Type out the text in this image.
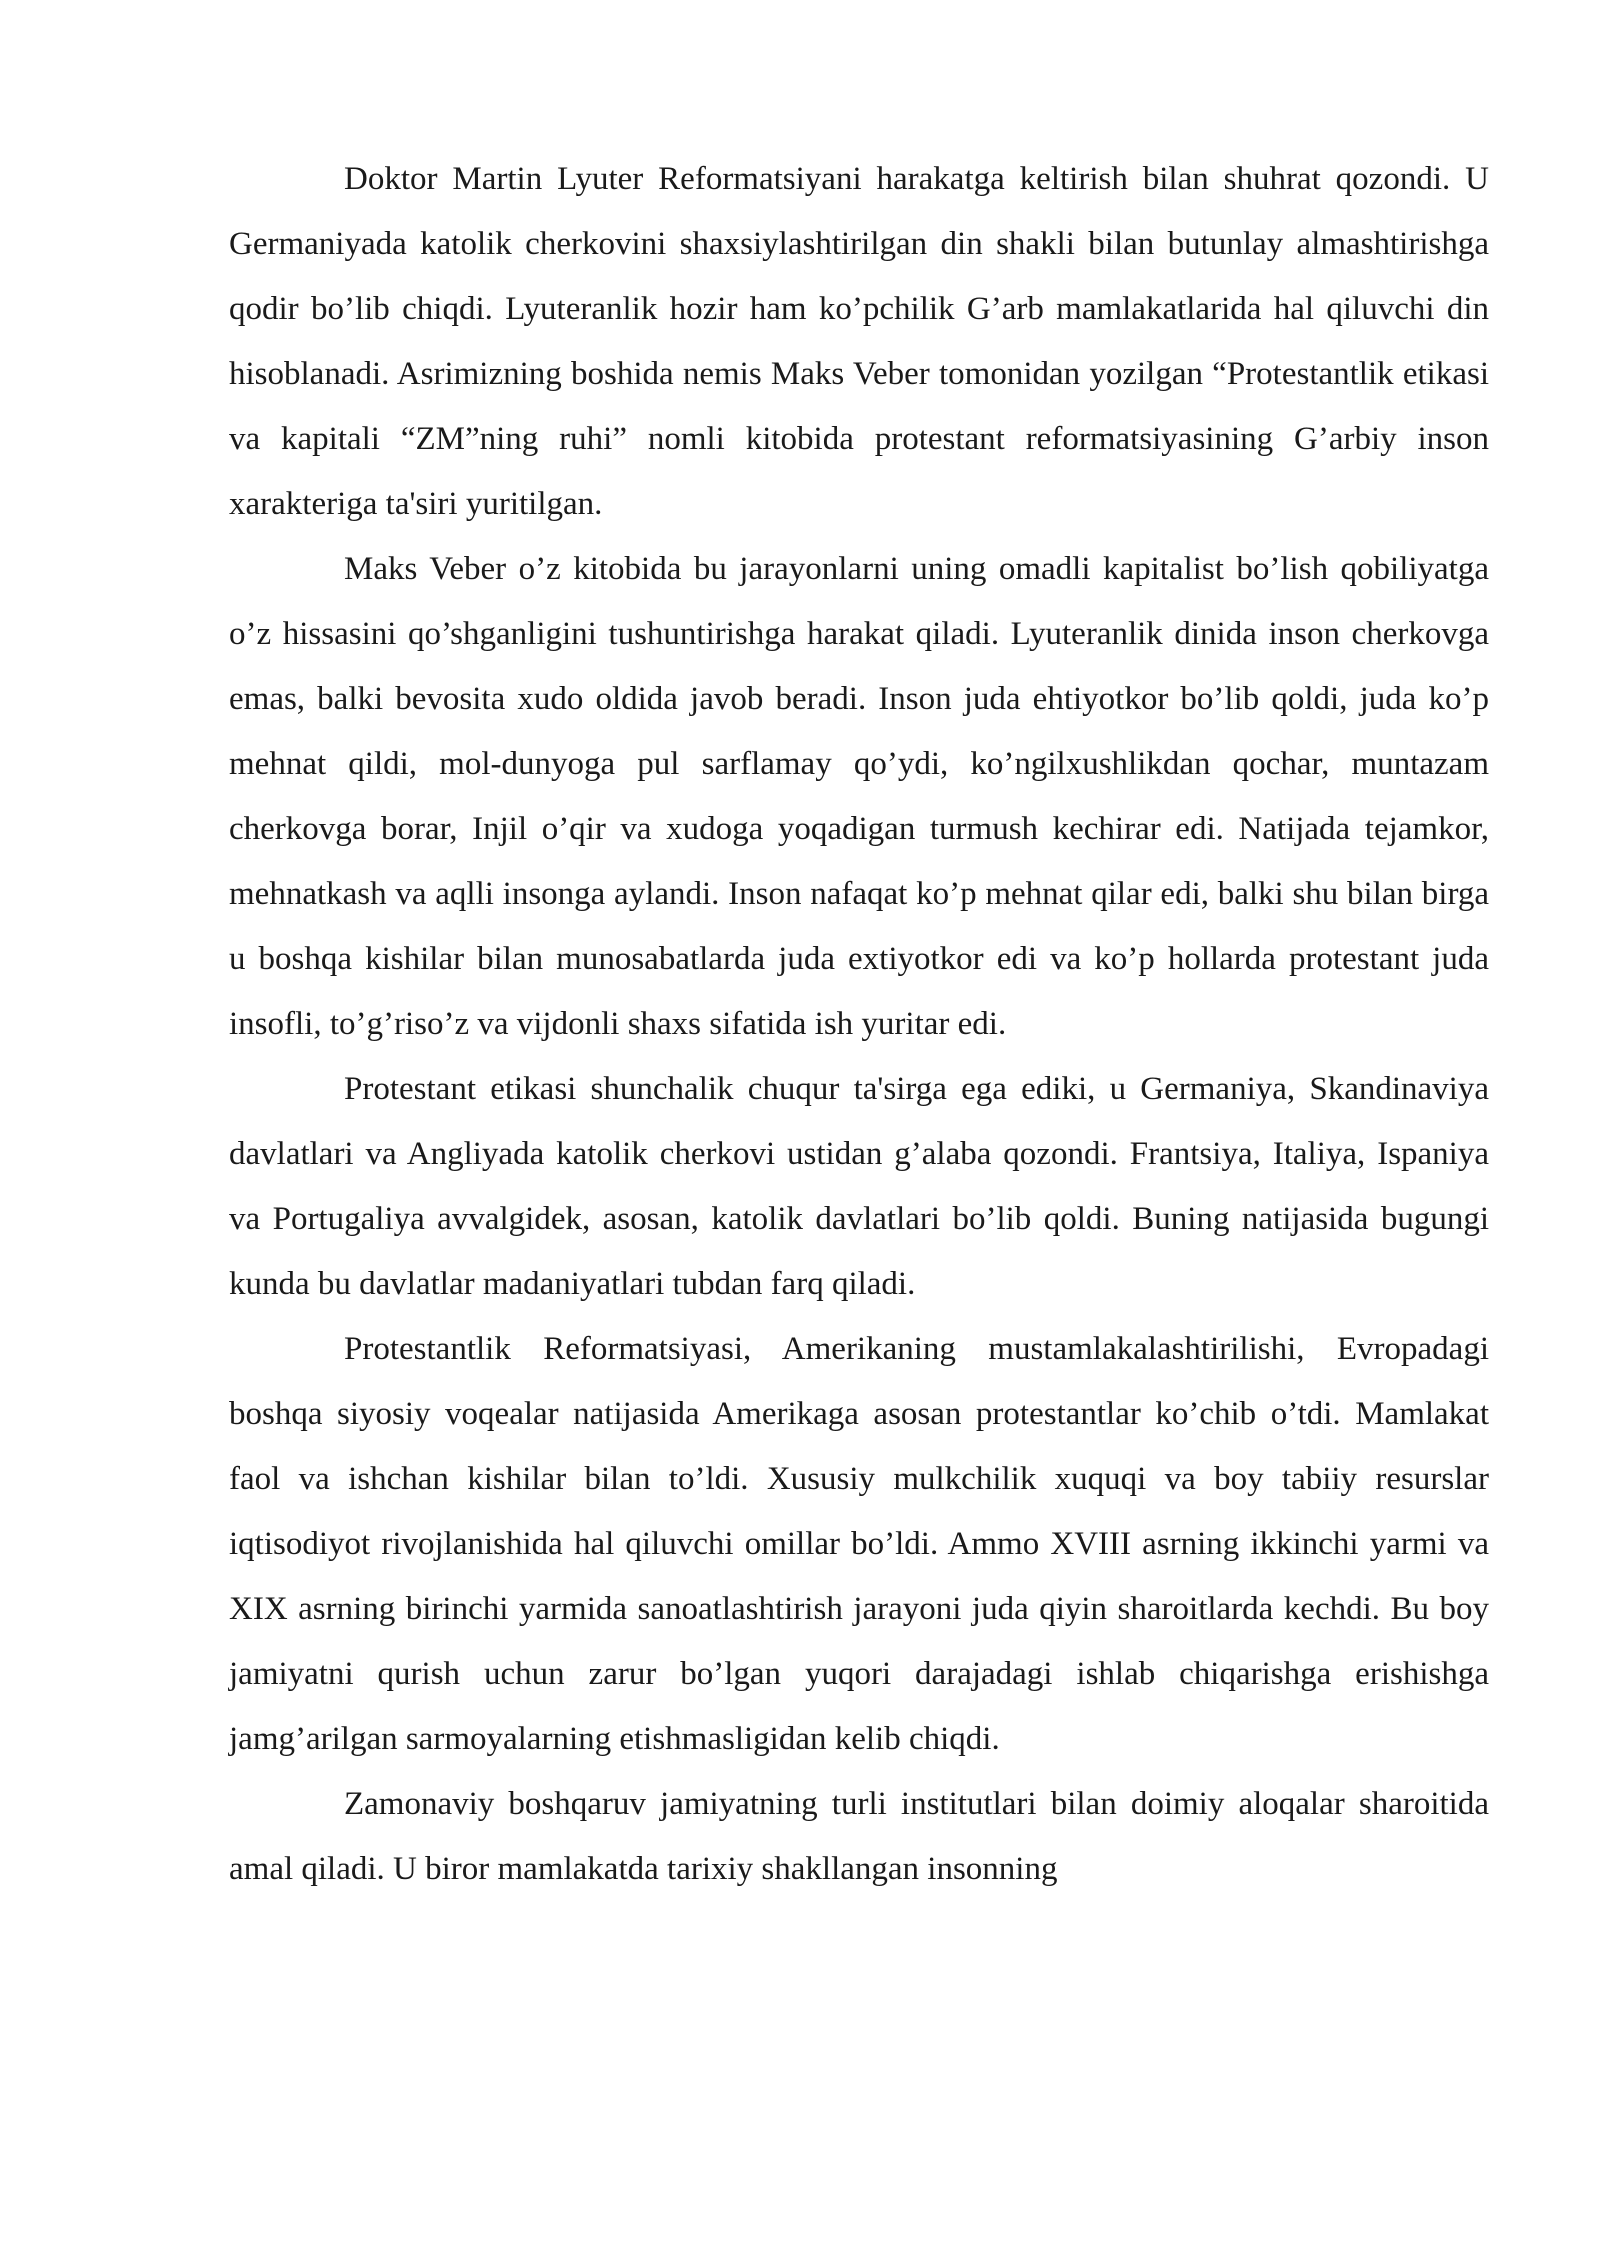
Doktor Martin Lyuter Reformatsiyani harakatga keltirish bilan shuhrat qozondi. U Germaniyada katolik cherkovini shaxsiylashtirilgan din shakli bilan butunlay almashtirishga qodir bo’lib chiqdi. Lyuteranlik hozir ham ko’pchilik G’arb mamlakatlarida hal qiluvchi din hisoblanadi. Asrimizning boshida nemis Maks Veber tomonidan yozilgan “Protestantlik etikasi va kapitali “ZM”ning ruhi” nomli kitobida protestant reformatsiyasining G’arbiy inson xarakteriga ta'siri yuritilgan.

Maks Veber o’z kitobida bu jarayonlarni uning omadli kapitalist bo’lish qobiliyatga o’z hissasini qo’shganligini tushuntirishga harakat qiladi. Lyuteranlik dinida inson cherkovga emas, balki bevosita xudo oldida javob beradi. Inson juda ehtiyotkor bo’lib qoldi, juda ko’p mehnat qildi, mol-dunyoga pul sarflamay qo’ydi, ko’ngilxushlikdan qochar, muntazam cherkovga borar, Injil o’qir va xudoga yoqadigan turmush kechirar edi. Natijada tejamkor, mehnatkash va aqlli insonga aylandi. Inson nafaqat ko’p mehnat qilar edi, balki shu bilan birga u boshqa kishilar bilan munosabatlarda juda extiyotkor edi va ko’p hollarda protestant juda insofli, to’g’riso’z va vijdonli shaxs sifatida ish yuritar edi.

Protestant etikasi shunchalik chuqur ta'sirga ega ediki, u Germaniya, Skandinaviya davlatlari va Angliyada katolik cherkovi ustidan g’alaba qozondi. Frantsiya, Italiya, Ispaniya va Portugaliya avvalgidek, asosan, katolik davlatlari bo’lib qoldi. Buning natijasida bugungi kunda bu davlatlar madaniyatlari tubdan farq qiladi.

Protestantlik Reformatsiyasi, Amerikaning mustamlakalashtirilishi, Evropadagi boshqa siyosiy voqealar natijasida Amerikaga asosan protestantlar ko’chib o’tdi. Mamlakat faol va ishchan kishilar bilan to’ldi. Xususiy mulkchilik xuquqi va boy tabiiy resurslar iqtisodiyot rivojlanishida hal qiluvchi omillar bo’ldi. Ammo XVIII asrning ikkinchi yarmi va XIX asrning birinchi yarmida sanoatlashtirish jarayoni juda qiyin sharoitlarda kechdi. Bu boy jamiyatni qurish uchun zarur bo’lgan yuqori darajadagi ishlab chiqarishga erishishga jamg’arilgan sarmoyalarning etishmasligidan kelib chiqdi.

Zamonaviy boshqaruv jamiyatning turli institutlari bilan doimiy aloqalar sharoitida amal qiladi. U biror mamlakatda tarixiy shakllangan insonning
